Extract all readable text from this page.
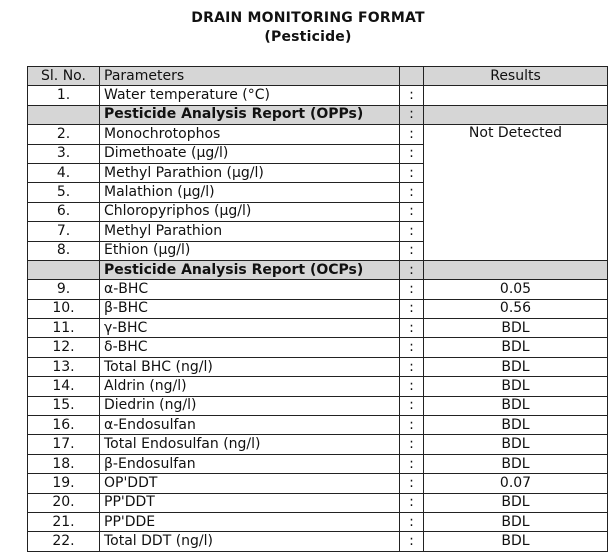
DRAIN MONITORING FORMAT
(Pesticide)
Sl. No.	Parameters		Results
1.	Water temperature (°C)	:	
	Pesticide Analysis Report (OPPs)	:	
2.	Monochrotophos	:	Not Detected
3.	Dimethoate (µg/l)	:	
4.	Methyl Parathion (µg/l)	:	
5.	Malathion (µg/l)	:	
6.	Chloropyriphos (µg/l)	:	
7.	Methyl Parathion	:	
8.	Ethion (µg/l)	:	
	Pesticide Analysis Report (OCPs)	:	
9.	α-BHC	:	0.05
10.	β-BHC	:	0.56
11.	γ-BHC	:	BDL
12.	δ-BHC	:	BDL
13.	Total BHC (ng/l)	:	BDL
14.	Aldrin (ng/l)	:	BDL
15.	Diedrin (ng/l)	:	BDL
16.	α-Endosulfan	:	BDL
17.	Total Endosulfan (ng/l)	:	BDL
18.	β-Endosulfan	:	BDL
19.	OP'DDT	:	0.07
20.	PP'DDT	:	BDL
21.	PP'DDE	:	BDL
22.	Total DDT (ng/l)	:	BDL
